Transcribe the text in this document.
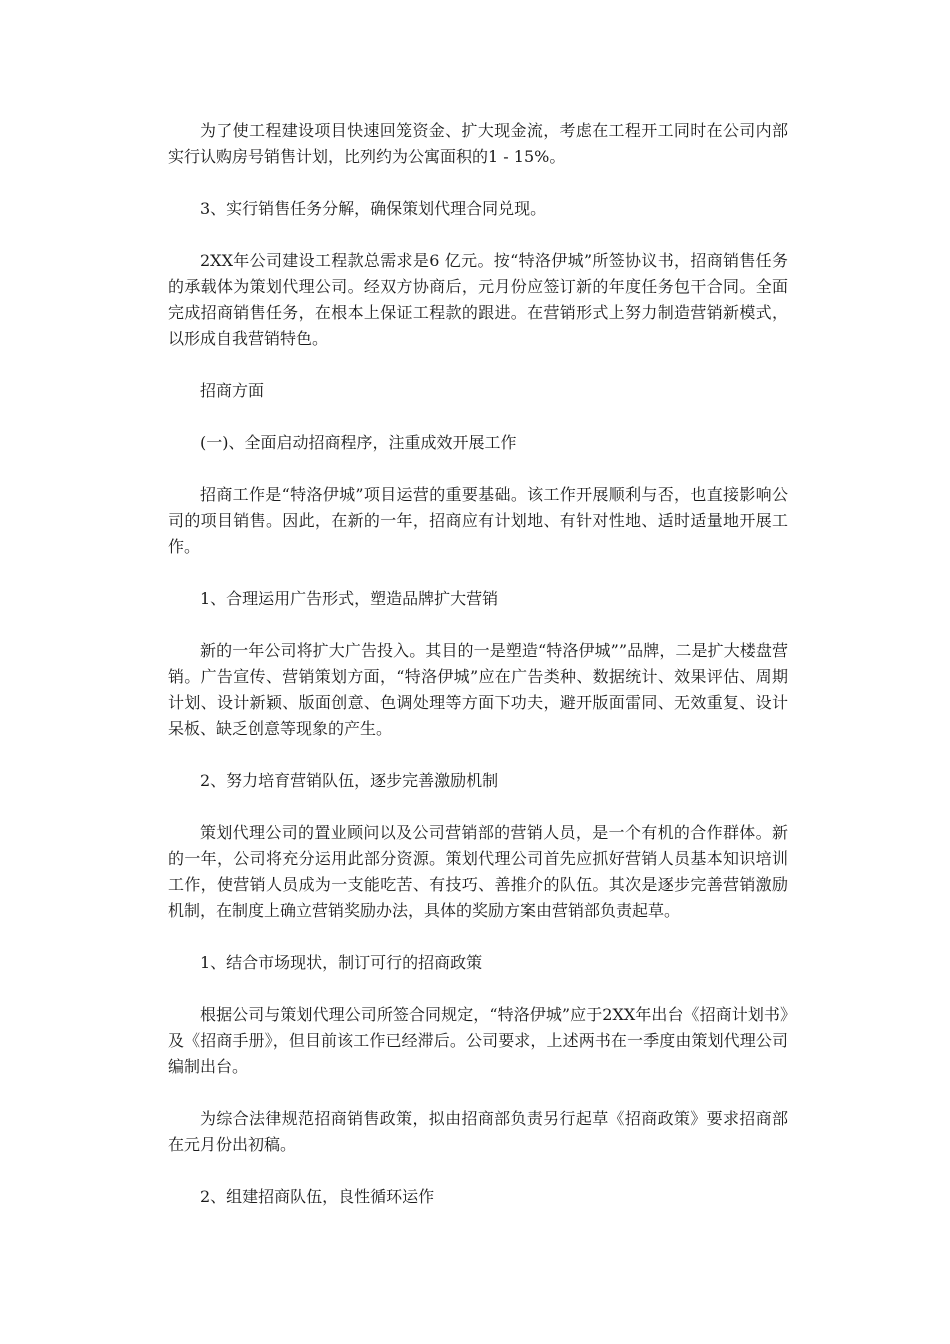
为了使工程建设项目快速回笼资金、扩大现金流，考虑在工程开工同时在公司内部实行认购房号销售计划，比列约为公寓面积的1 - 15%。

3、实行销售任务分解，确保策划代理合同兑现。

2XX年公司建设工程款总需求是6 亿元。按“特洛伊城”所签协议书，招商销售任务的承载体为策划代理公司。经双方协商后，元月份应签订新的年度任务包干合同。全面完成招商销售任务，在根本上保证工程款的跟进。在营销形式上努力制造营销新模式，以形成自我营销特色。

招商方面

(一)、全面启动招商程序，注重成效开展工作

招商工作是“特洛伊城”项目运营的重要基础。该工作开展顺利与否，也直接影响公司的项目销售。因此，在新的一年，招商应有计划地、有针对性地、适时适量地开展工作。

1、合理运用广告形式，塑造品牌扩大营销

新的一年公司将扩大广告投入。其目的一是塑造“特洛伊城””品牌，二是扩大楼盘营销。广告宣传、营销策划方面，“特洛伊城”应在广告类种、数据统计、效果评估、周期计划、设计新颖、版面创意、色调处理等方面下功夫，避开版面雷同、无效重复、设计呆板、缺乏创意等现象的产生。

2、努力培育营销队伍，逐步完善激励机制

策划代理公司的置业顾问以及公司营销部的营销人员，是一个有机的合作群体。新的一年，公司将充分运用此部分资源。策划代理公司首先应抓好营销人员基本知识培训工作，使营销人员成为一支能吃苦、有技巧、善推介的队伍。其次是逐步完善营销激励机制，在制度上确立营销奖励办法，具体的奖励方案由营销部负责起草。

1、结合市场现状，制订可行的招商政策

根据公司与策划代理公司所签合同规定，“特洛伊城”应于2XX年出台《招商计划书》及《招商手册》，但目前该工作已经滞后。公司要求，上述两书在一季度由策划代理公司编制出台。

为综合法律规范招商销售政策，拟由招商部负责另行起草《招商政策》要求招商部在元月份出初稿。

2、组建招商队伍，良性循环运作
